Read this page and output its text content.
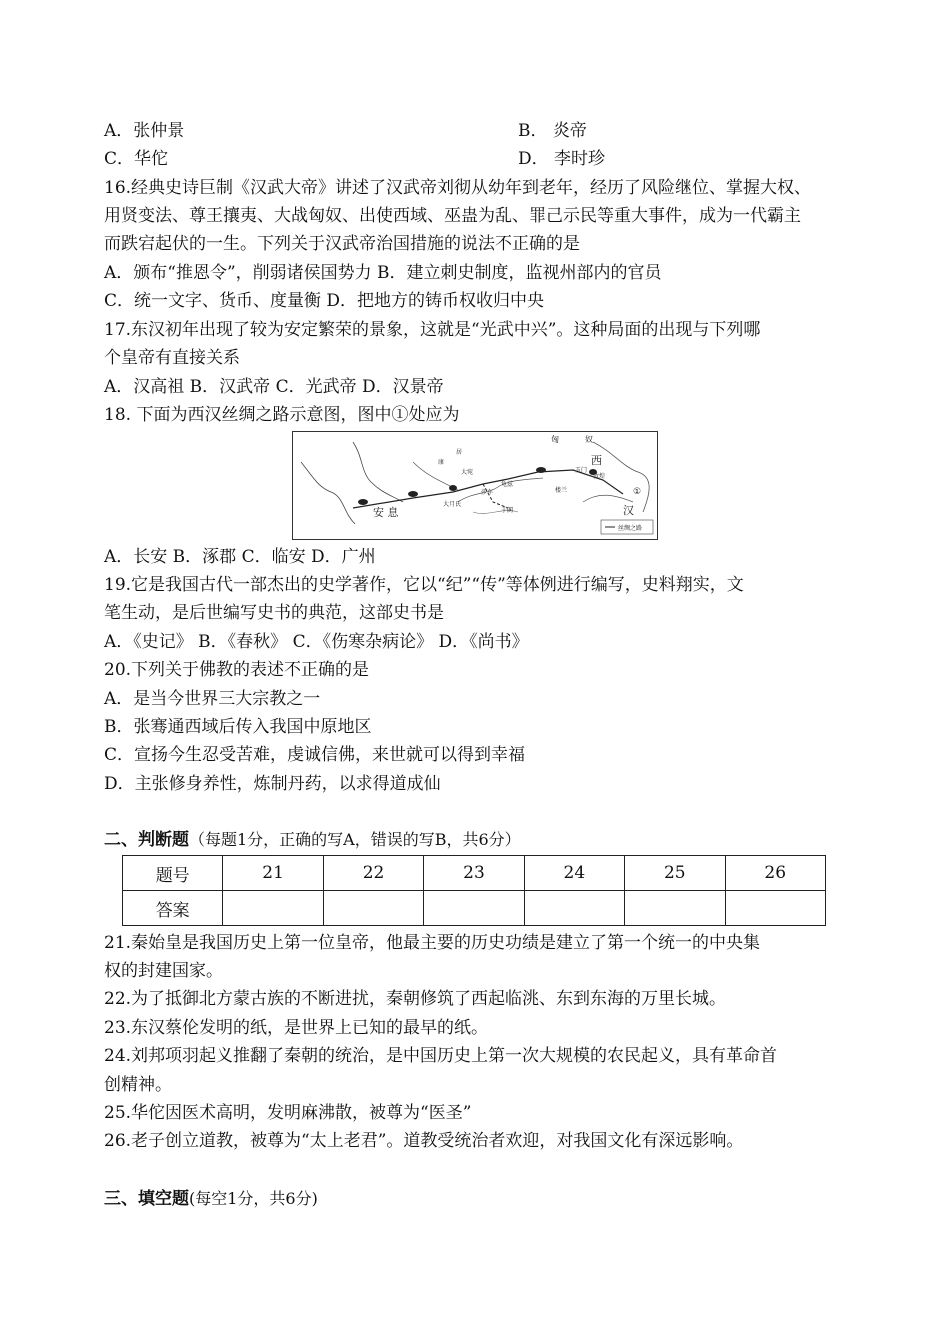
A．张仲景	B． 炎帝
C．华佗	D． 李时珍
16.经典史诗巨制《汉武大帝》讲述了汉武帝刘彻从幼年到老年，经历了风险继位、掌握大权、
用贤变法、尊王攘夷、大战匈奴、出使西域、巫蛊为乱、罪己示民等重大事件，成为一代霸主
而跌宕起伏的一生。下列关于汉武帝治国措施的说法不正确的是
A．颁布“推恩令”，削弱诸侯国势力 B．建立刺史制度，监视州部内的官员
C．统一文字、货币、度量衡 D．把地方的铸币权收归中央
17.东汉初年出现了较为安定繁荣的景象，这就是“光武中兴”。这种局面的出现与下列哪
个皇帝有直接关系
A．汉高祖 B．汉武帝 C．光武帝 D．汉景帝
18. 下面为西汉丝绸之路示意图，图中①处应为
匈	奴
西
汉
安 息
大宛
大月氏
龟兹
莎车
于阗
敦煌
楼兰
玉门
康
居
①
丝绸之路
A．长安 B．涿郡 C．临安 D．广州
19.它是我国古代一部杰出的史学著作，它以“纪”“传”等体例进行编写，史料翔实，文
笔生动，是后世编写史书的典范，这部史书是
A．《史记》 B．《春秋》 C．《伤寒杂病论》 D．《尚书》
20.下列关于佛教的表述不正确的是
A．是当今世界三大宗教之一
B．张骞通西域后传入我国中原地区
C．宣扬今生忍受苦难，虔诚信佛，来世就可以得到幸福
D．主张修身养性，炼制丹药，以求得道成仙
二、判断题（每题1分，正确的写A，错误的写B，共6分）
题号	21	22	23	24	25	26
答案						
21.秦始皇是我国历史上第一位皇帝，他最主要的历史功绩是建立了第一个统一的中央集
权的封建国家。
22.为了抵御北方蒙古族的不断进扰，秦朝修筑了西起临洮、东到东海的万里长城。
23.东汉蔡伦发明的纸，是世界上已知的最早的纸。
24.刘邦项羽起义推翻了秦朝的统治，是中国历史上第一次大规模的农民起义，具有革命首
创精神。
25.华佗因医术高明，发明麻沸散，被尊为“医圣”
26.老子创立道教，被尊为“太上老君”。道教受统治者欢迎，对我国文化有深远影响。
三、填空题(每空1分，共6分)
